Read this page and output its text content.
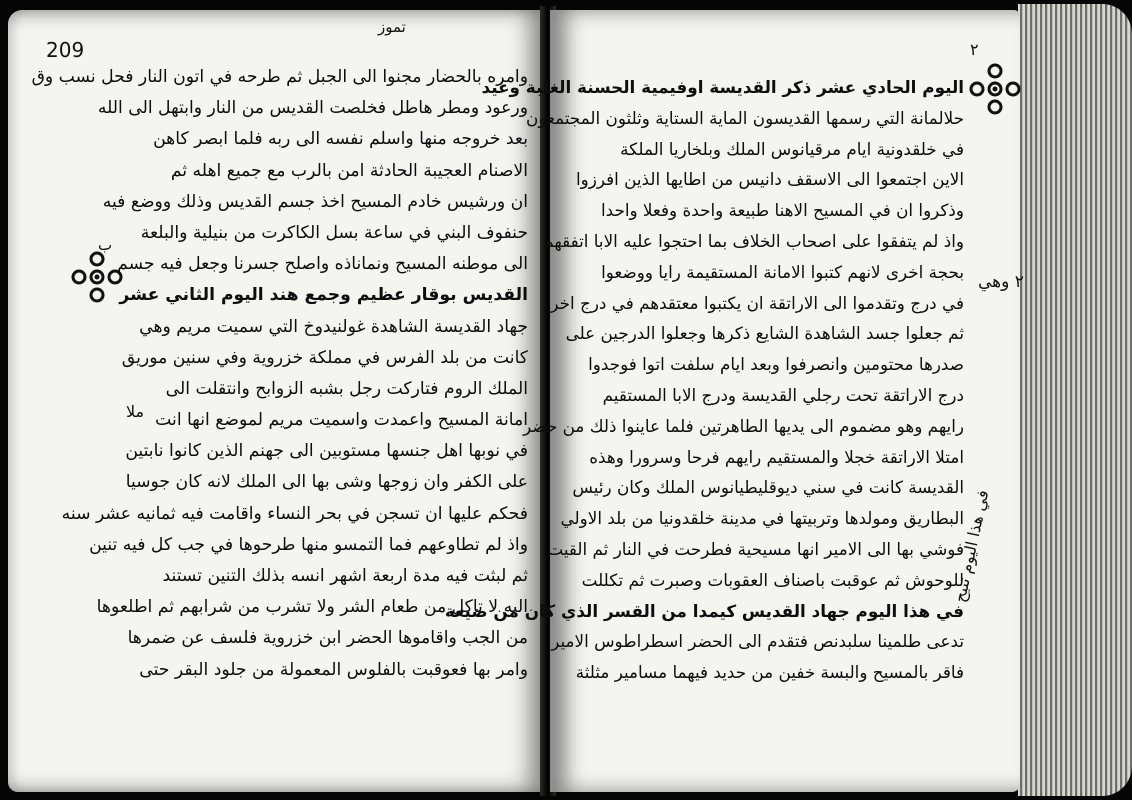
209
تموز
ب
ملا

وامره بالحضار مجنوا الى الجبل ثم طرحه في اتون النار فحل نسب وق

ورعود ومطر هاطل فخلصت القديس من النار وابتهل الى الله

بعد خروجه منها واسلم نفسه الى ربه فلما ابصر كاهن

الاصنام العجيبة الحادثة امن بالرب مع جميع اهله ثم

ان ورشيس خادم المسيح اخذ جسم القديس وذلك ووضع فيه

حنفوف البني في ساعة بسل الكاكرت من بنيلية والبلعة

الى موطنه المسيح ونماناذه واصلح جسرنا وجعل فيه جسم

القديس بوقار عظيم وجمع هند اليوم الثاني عشر

جهاد القديسة الشاهدة غولنيدوخ التي سميت مريم وهي

كانت من بلد الفرس في مملكة خزروية وفي سنين موريق

الملك الروم فتاركت رجل بشبه الزوابح وانتقلت الى

امانة المسيح واعمدت واسميت مريم لموضع انها انت

في نوبها اهل جنسها مستوبين الى جهنم الذين كانوا نابتين

على الكفر وان زوجها وشى بها الى الملك لانه كان جوسيا

فحكم عليها ان تسجن في بحر النساء واقامت فيه ثمانيه عشر سنه

واذ لم تطاوعهم فما التمسو منها طرحوها في جب كل فيه تنين

ثم لبثت فيه مدة اربعة اشهر انسه بذلك التنين تستند

اليه لا تاكل من طعام الشر ولا تشرب من شرابهم ثم اطلعوها

من الجب واقاموها الحضر ابن خزروية فلسف عن ضمرها

وامر بها فعوقبت بالفلوس المعمولة من جلود البقر حتى

٢
٢ وهي
في هذا اليوم تنيح

اليوم الحادي عشر ذكر القديسة اوفيمية الحسنة الغلبة وعيد

حلالمانة التي رسمها القديسون الماية الستاية وثلثون المجتمعون

في خلقدونية ايام مرقيانوس الملك وبلخاريا الملكة

الاين اجتمعوا الى الاسقف دانيس من اطايها الذين افرزوا

وذكروا ان في المسيح الاهنا طبيعة واحدة وفعلا واحدا

واذ لم يتفقوا على اصحاب الخلاف بما احتجوا عليه الابا اتفقهم

بحجة اخرى لانهم كتبوا الامانة المستقيمة رايا ووضعوا

في درج وتقدموا الى الاراتقة ان يكتبوا معتقدهم في درج اخر

ثم جعلوا جسد الشاهدة الشايع ذكرها وجعلوا الدرجين على

صدرها محتومين وانصرفوا وبعد ايام سلفت اتوا فوجدوا

درج الاراتقة تحت رجلي القديسة ودرج الابا المستقيم

رايهم وهو مضموم الى يديها الطاهرتين فلما عاينوا ذلك من حضر

امتلا الاراتقة خجلا والمستقيم رايهم فرحا وسرورا وهذه

القديسة كانت في سني ديوقليطيانوس الملك وكان رئيس

البطاريق ومولدها وتربيتها في مدينة خلقدونيا من بلد الاولي

فوشي بها الى الامير انها مسيحية فطرحت في النار ثم القيت

للوحوش ثم عوقبت باصناف العقوبات وصبرت ثم تكللت

في هذا اليوم جهاد القديس كيمدا من القسر الذي كان من ضيعة

تدعى طلمينا سلبدنص فتقدم الى الحضر اسطراطوس الامير

فاقر بالمسيح والبسة خفين من حديد فيهما مسامير مثلثة
